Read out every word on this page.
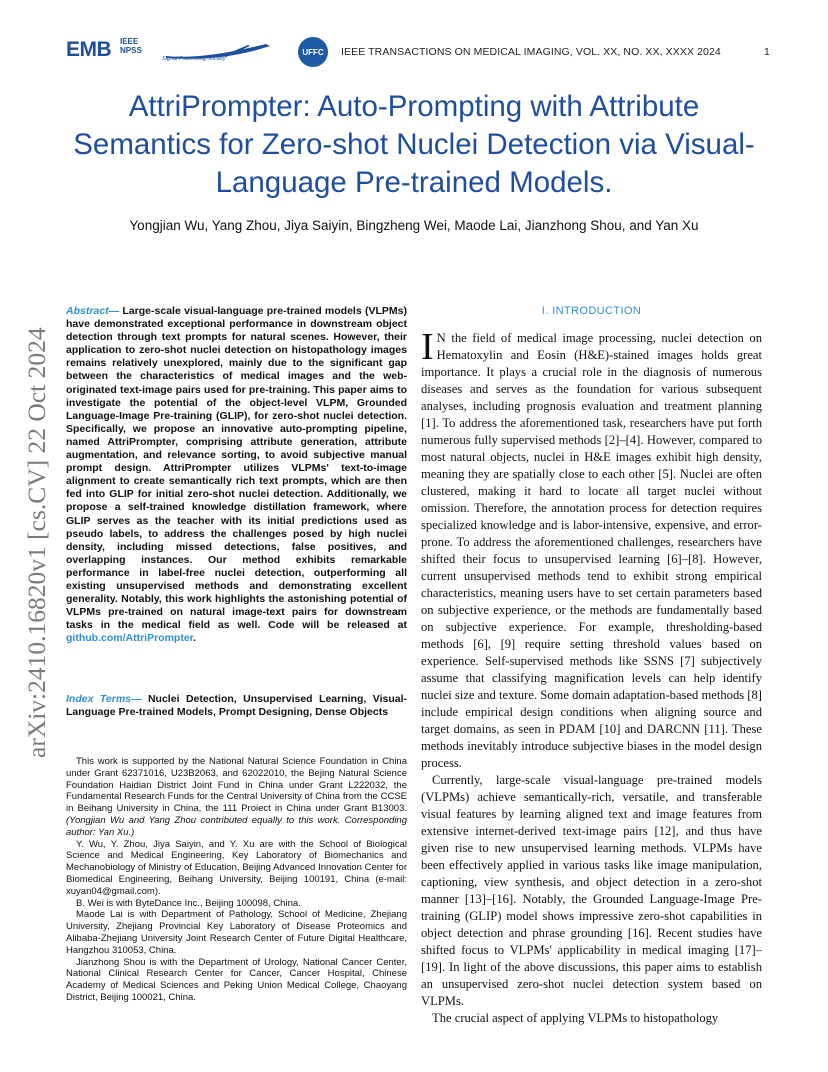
EMB IEEE
NPSS
Signal Processing Society
UFFC	IEEE TRANSACTIONS ON MEDICAL IMAGING, VOL. XX, NO. XX, XXXX 2024	1
AttriPrompter: Auto-Prompting with Attribute Semantics for Zero-shot Nuclei Detection via Visual-Language Pre-trained Models.
Yongjian Wu, Yang Zhou, Jiya Saiyin, Bingzheng Wei, Maode Lai, Jianzhong Shou, and Yan Xu
arXiv:2410.16820v1 [cs.CV] 22 Oct 2024

Abstract— Large-scale visual-language pre-trained models (VLPMs) have demonstrated exceptional performance in downstream object detection through text prompts for natural scenes. However, their application to zero-shot nuclei detection on histopathology images remains relatively unexplored, mainly due to the significant gap between the characteristics of medical images and the web-originated text-image pairs used for pre-training. This paper aims to investigate the potential of the object-level VLPM, Grounded Language-Image Pre-training (GLIP), for zero-shot nuclei detection. Specifically, we propose an innovative auto-prompting pipeline, named AttriPrompter, comprising attribute generation, attribute augmentation, and relevance sorting, to avoid subjective manual prompt design. AttriPrompter utilizes VLPMs' text-to-image alignment to create semantically rich text prompts, which are then fed into GLIP for initial zero-shot nuclei detection. Additionally, we propose a self-trained knowledge distillation framework, where GLIP serves as the teacher with its initial predictions used as pseudo labels, to address the challenges posed by high nuclei density, including missed detections, false positives, and overlapping instances. Our method exhibits remarkable performance in label-free nuclei detection, outperforming all existing unsupervised methods and demonstrating excellent generality. Notably, this work highlights the astonishing potential of VLPMs pre-trained on natural image-text pairs for downstream tasks in the medical field as well. Code will be released at github.com/AttriPrompter.

Index Terms— Nuclei Detection, Unsupervised Learning, Visual-Language Pre-trained Models, Prompt Designing, Dense Objects

This work is supported by the National Natural Science Foundation in China under Grant 62371016, U23B2063, and 62022010, the Bejing Natural Science Foundation Haidian District Joint Fund in China under Grant L222032, the Fundamental Research Funds for the Central University of China from the CCSE in Beihang University in China, the 111 Proiect in China under Grant B13003. (Yongjian Wu and Yang Zhou contributed equally to this work. Corresponding author: Yan Xu.)

Y. Wu, Y. Zhou, Jiya Saiyin, and Y. Xu are with the School of Biological Science and Medical Engineering, Key Laboratory of Biomechanics and Mechanobiology of Ministry of Education, Beijing Advanced Innovation Center for Biomedical Engineering, Beihang University, Beijing 100191, China (e-mail: xuyan04@gmail.com).

B. Wei is with ByteDance Inc., Beijing 100098, China.

Maode Lai is with Department of Pathology, School of Medicine, Zhejiang University, Zhejiang Provincial Key Laboratory of Disease Proteomics and Alibaba-Zhejiang University Joint Research Center of Future Digital Healthcare, Hangzhou 310053, China.

Jianzhong Shou is with the Department of Urology, National Cancer Center, National Clinical Research Center for Cancer, Cancer Hospital, Chinese Academy of Medical Sciences and Peking Union Medical College, Chaoyang District, Beijing 100021, China.

I. INTRODUCTION

I N the field of medical image processing, nuclei detection on Hematoxylin and Eosin (H&E)-stained images holds great importance. It plays a crucial role in the diagnosis of numerous diseases and serves as the foundation for various subsequent analyses, including prognosis evaluation and treatment planning [1]. To address the aforementioned task, researchers have put forth numerous fully supervised methods [2]–[4]. However, compared to most natural objects, nuclei in H&E images exhibit high density, meaning they are spatially close to each other [5]. Nuclei are often clustered, making it hard to locate all target nuclei without omission. Therefore, the annotation process for detection requires specialized knowledge and is labor-intensive, expensive, and error-prone. To address the aforementioned challenges, researchers have shifted their focus to unsupervised learning [6]–[8]. However, current unsupervised methods tend to exhibit strong empirical characteristics, meaning users have to set certain parameters based on subjective experience, or the methods are fundamentally based on subjective experience. For example, thresholding-based methods [6], [9] require setting threshold values based on experience. Self-supervised methods like SSNS [7] subjectively assume that classifying magnification levels can help identify nuclei size and texture. Some domain adaptation-based methods [8] include empirical design conditions when aligning source and target domains, as seen in PDAM [10] and DARCNN [11]. These methods inevitably introduce subjective biases in the model design process.

Currently, large-scale visual-language pre-trained models (VLPMs) achieve semantically-rich, versatile, and transferable visual features by learning aligned text and image features from extensive internet-derived text-image pairs [12], and thus have given rise to new unsupervised learning methods. VLPMs have been effectively applied in various tasks like image manipulation, captioning, view synthesis, and object detection in a zero-shot manner [13]–[16]. Notably, the Grounded Language-Image Pre-training (GLIP) model shows impressive zero-shot capabilities in object detection and phrase grounding [16]. Recent studies have shifted focus to VLPMs' applicability in medical imaging [17]–[19]. In light of the above discussions, this paper aims to establish an unsupervised zero-shot nuclei detection system based on VLPMs.

The crucial aspect of applying VLPMs to histopathology
